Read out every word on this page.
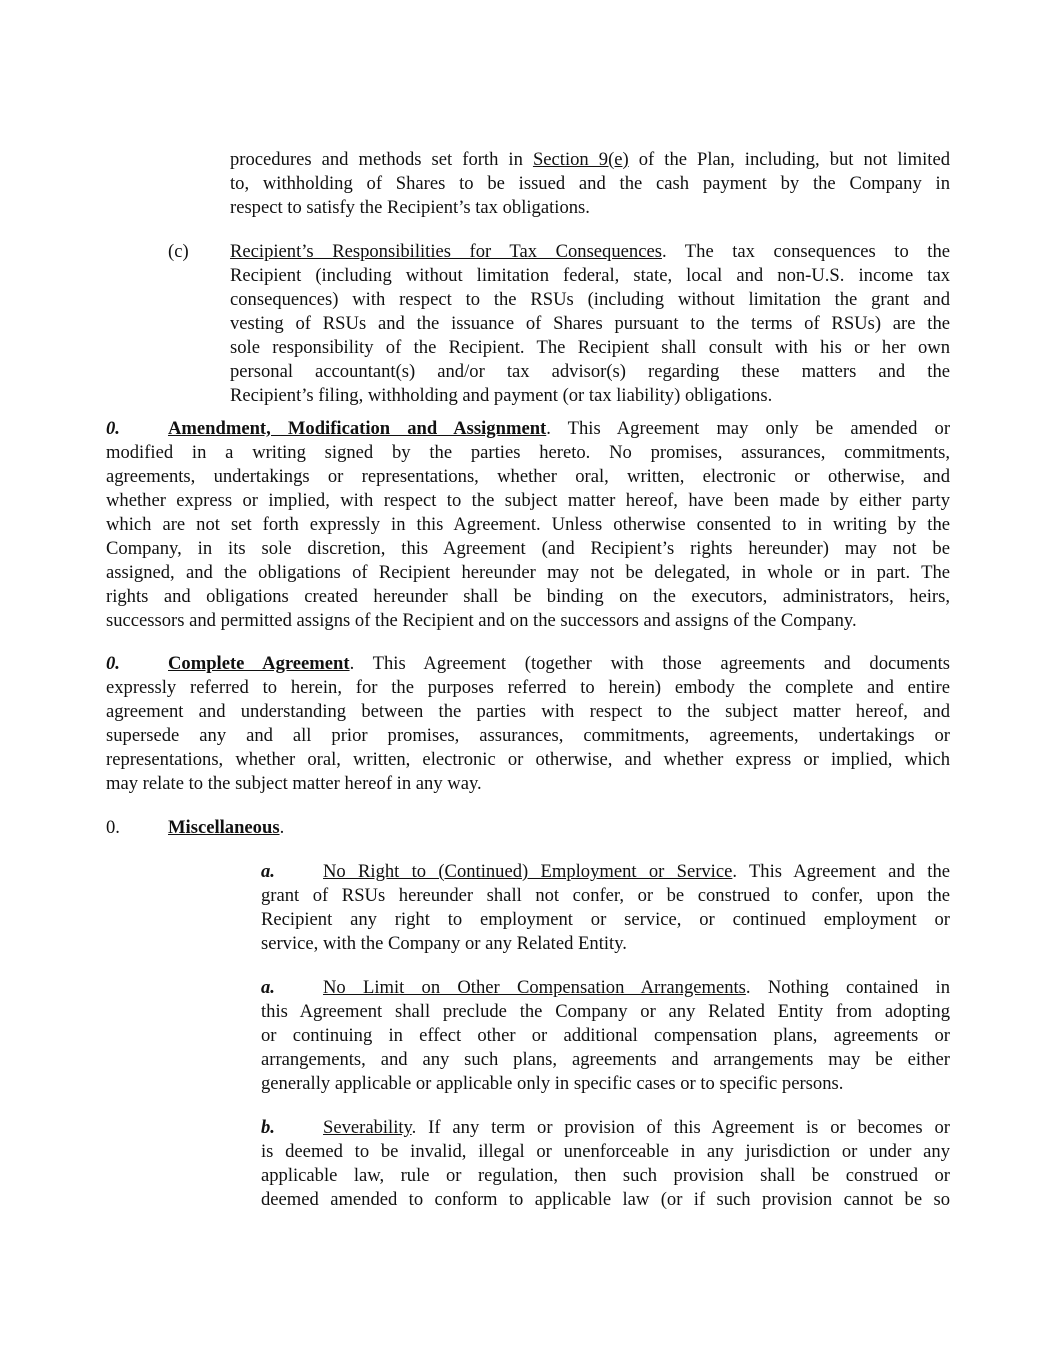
procedures and methods set forth in Section 9(e) of the Plan, including, but not limited
to, withholding of Shares to be issued and the cash payment by the Company in
respect to satisfy the Recipient’s tax obligations.
(c) Recipient’s Responsibilities for Tax Consequences. The tax consequences to the
Recipient (including without limitation federal, state, local and non-U.S. income tax
consequences) with respect to the RSUs (including without limitation the grant and
vesting of RSUs and the issuance of Shares pursuant to the terms of RSUs) are the
sole responsibility of the Recipient. The Recipient shall consult with his or her own
personal accountant(s) and/or tax advisor(s) regarding these matters and the
Recipient’s filing, withholding and payment (or tax liability) obligations.
0.	Amendment, Modification and Assignment. This Agreement may only be amended or
modified in a writing signed by the parties hereto. No promises, assurances, commitments,
agreements, undertakings or representations, whether oral, written, electronic or otherwise, and
whether express or implied, with respect to the subject matter hereof, have been made by either party
which are not set forth expressly in this Agreement. Unless otherwise consented to in writing by the
Company, in its sole discretion, this Agreement (and Recipient’s rights hereunder) may not be
assigned, and the obligations of Recipient hereunder may not be delegated, in whole or in part. The
rights and obligations created hereunder shall be binding on the executors, administrators, heirs,
successors and permitted assigns of the Recipient and on the successors and assigns of the Company.
0.	Complete Agreement. This Agreement (together with those agreements and documents
expressly referred to herein, for the purposes referred to herein) embody the complete and entire
agreement and understanding between the parties with respect to the subject matter hereof, and
supersede any and all prior promises, assurances, commitments, agreements, undertakings or
representations, whether oral, written, electronic or otherwise, and whether express or implied, which
may relate to the subject matter hereof in any way.
0.	Miscellaneous.
a.	No Right to (Continued) Employment or Service. This Agreement and the
grant of RSUs hereunder shall not confer, or be construed to confer, upon the
Recipient any right to employment or service, or continued employment or
service, with the Company or any Related Entity.
a.	No Limit on Other Compensation Arrangements. Nothing contained in
this Agreement shall preclude the Company or any Related Entity from adopting
or continuing in effect other or additional compensation plans, agreements or
arrangements, and any such plans, agreements and arrangements may be either
generally applicable or applicable only in specific cases or to specific persons.
b.	Severability. If any term or provision of this Agreement is or becomes or
is deemed to be invalid, illegal or unenforceable in any jurisdiction or under any
applicable law, rule or regulation, then such provision shall be construed or
deemed amended to conform to applicable law (or if such provision cannot be so
